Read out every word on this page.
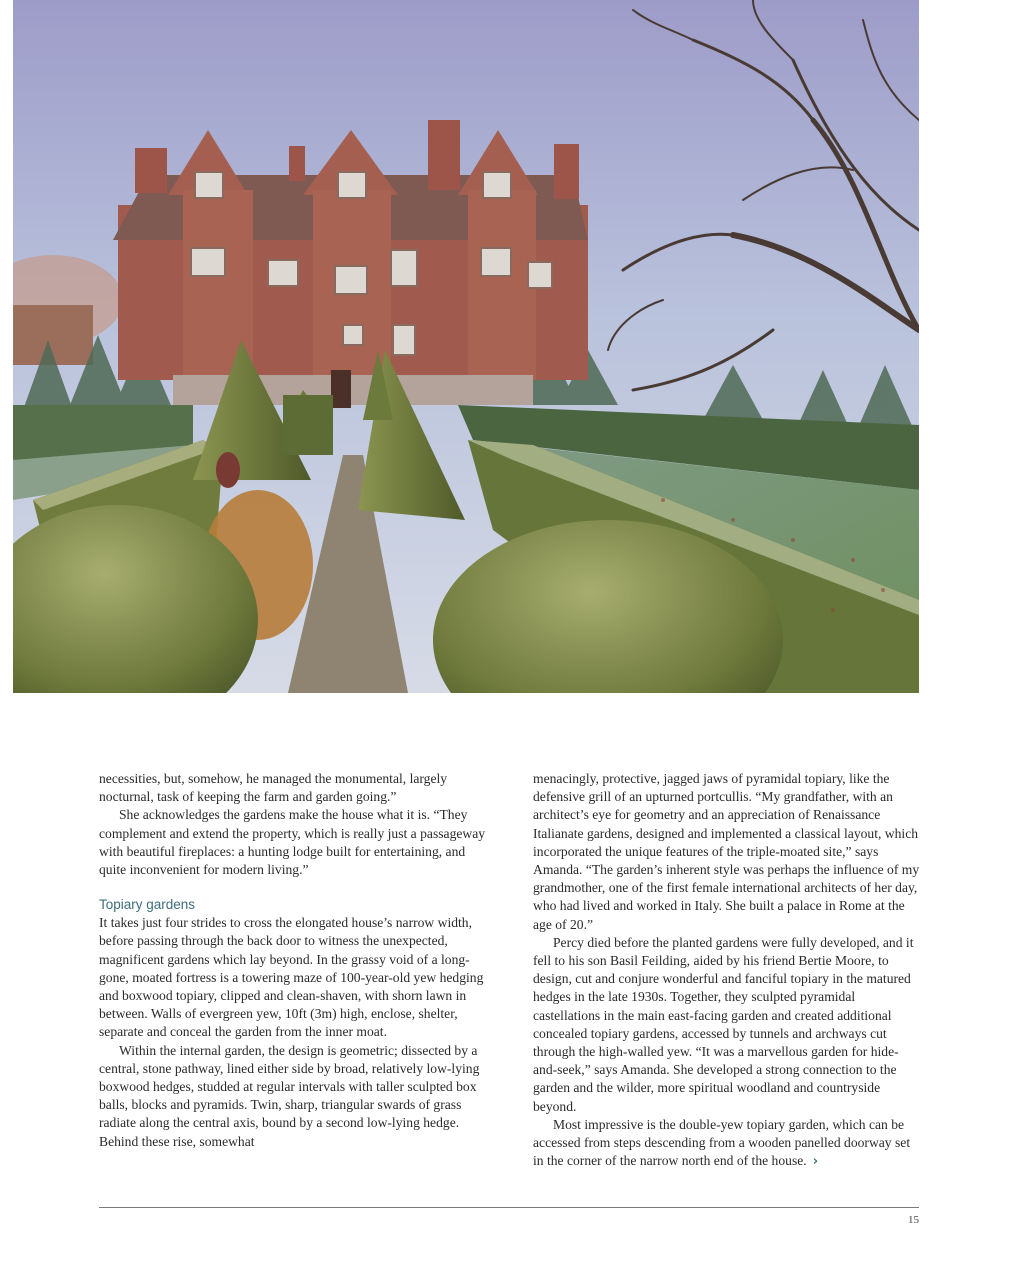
necessities, but, somehow, he managed the monumental, largely nocturnal, task of keeping the farm and garden going.”

She acknowledges the gardens make the house what it is. “They complement and extend the property, which is really just a passageway with beautiful fireplaces: a hunting lodge built for entertaining, and quite inconvenient for modern living.”

Topiary gardens

It takes just four strides to cross the elongated house’s narrow width, before passing through the back door to witness the unexpected, magnificent gardens which lay beyond. In the grassy void of a long-gone, moated fortress is a towering maze of 100-year-old yew hedging and boxwood topiary, clipped and clean-shaven, with shorn lawn in between. Walls of evergreen yew, 10ft (3m) high, enclose, shelter, separate and conceal the garden from the inner moat.

Within the internal garden, the design is geometric; dissected by a central, stone pathway, lined either side by broad, relatively low-lying boxwood hedges, studded at regular intervals with taller sculpted box balls, blocks and pyramids. Twin, sharp, triangular swards of grass radiate along the central axis, bound by a second low-lying hedge. Behind these rise, somewhat

menacingly, protective, jagged jaws of pyramidal topiary, like the defensive grill of an upturned portcullis. “My grandfather, with an architect’s eye for geometry and an appreciation of Renaissance Italianate gardens, designed and implemented a classical layout, which incorporated the unique features of the triple-moated site,” says Amanda. “The garden’s inherent style was perhaps the influence of my grandmother, one of the first female international architects of her day, who had lived and worked in Italy. She built a palace in Rome at the age of 20.”

Percy died before the planted gardens were fully developed, and it fell to his son Basil Feilding, aided by his friend Bertie Moore, to design, cut and conjure wonderful and fanciful topiary in the matured hedges in the late 1930s. Together, they sculpted pyramidal castellations in the main east-facing garden and created additional concealed topiary gardens, accessed by tunnels and archways cut through the high-walled yew. “It was a marvellous garden for hide-and-seek,” says Amanda. She developed a strong connection to the garden and the wilder, more spiritual woodland and countryside beyond.

Most impressive is the double-yew topiary garden, which can be accessed from steps descending from a wooden panelled doorway set in the corner of the narrow north end of the house. ›

15
